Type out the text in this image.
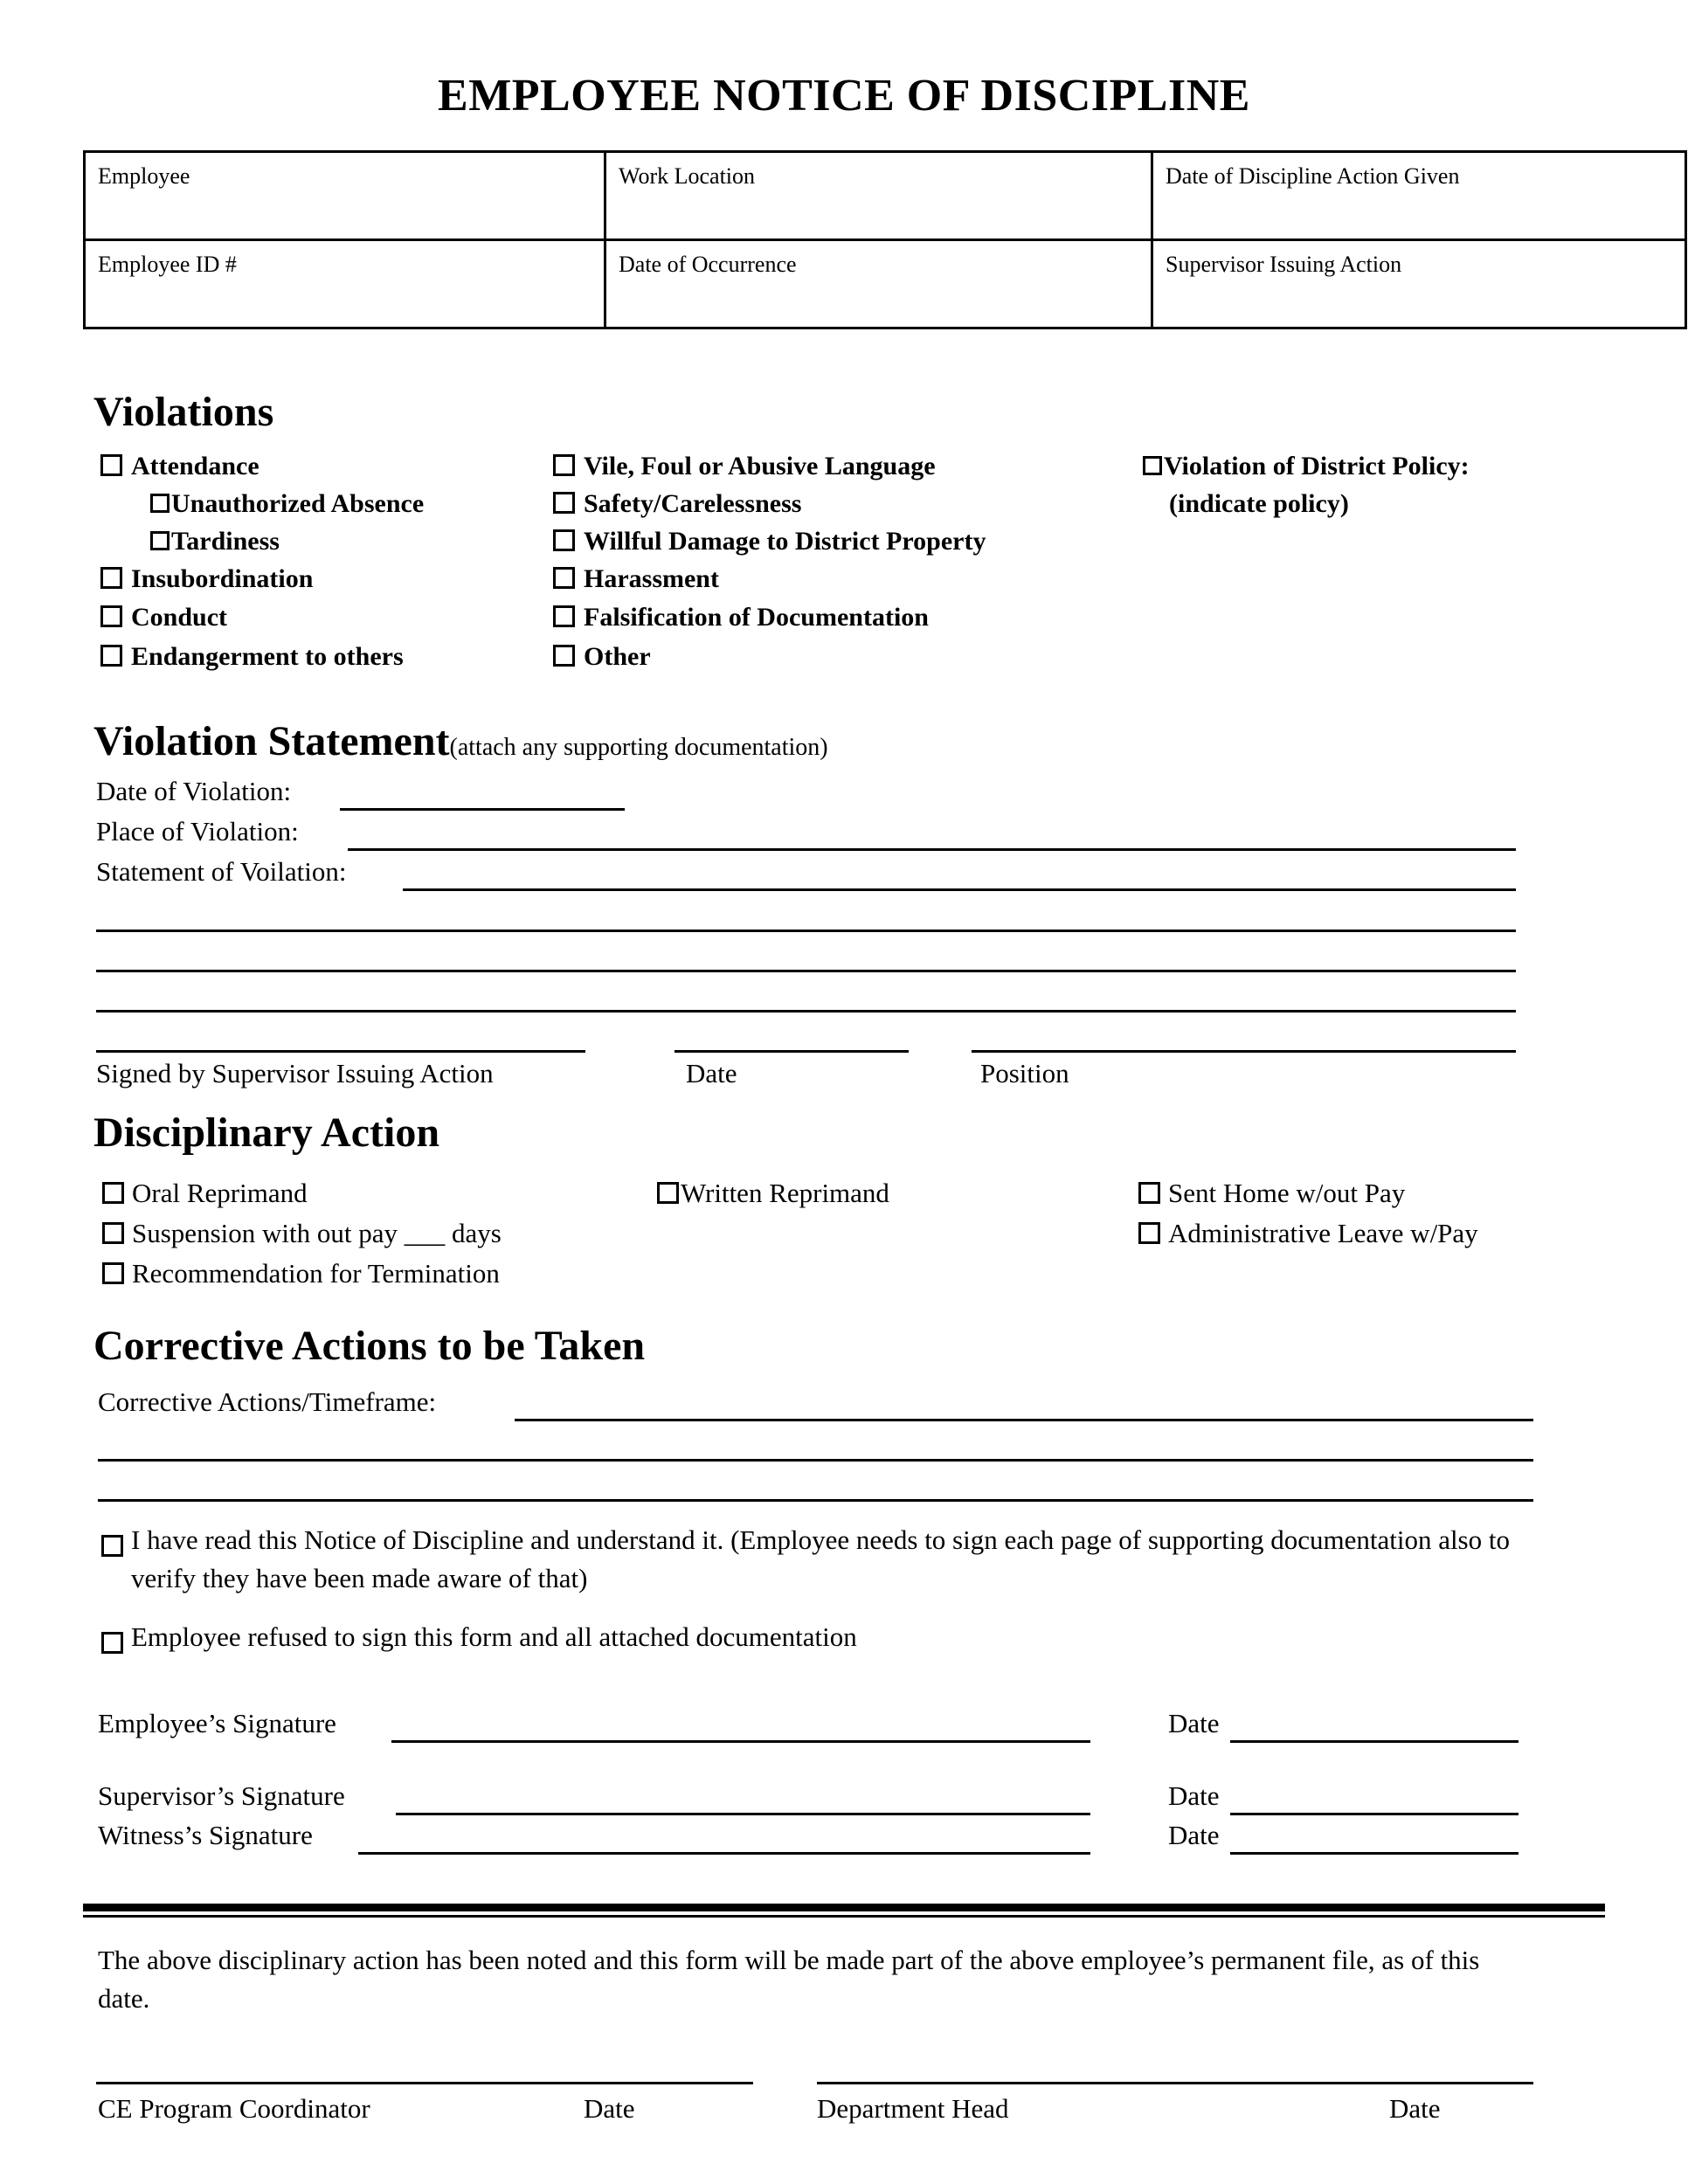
EMPLOYEE NOTICE OF DISCIPLINE
Employee	Work Location	Date of Discipline Action Given
Employee ID #	Date of Occurrence	Supervisor Issuing Action
Violations
Attendance
Unauthorized Absence
Tardiness
Insubordination
Conduct
Endangerment to others
Vile, Foul or Abusive Language
Safety/Carelessness
Willful Damage to District Property
Harassment
Falsification of Documentation
Other
Violation of District Policy:
(indicate policy)
Violation Statement(attach any supporting documentation)
Date of Violation:
Place of Violation:
Statement of Voilation:
Signed by Supervisor Issuing Action	Date	Position
Disciplinary Action
Oral Reprimand
Suspension with out pay ___ days
Recommendation for Termination
Written Reprimand	Sent Home w/out Pay
Administrative Leave w/Pay
Corrective Actions to be Taken
Corrective Actions/Timeframe:
I have read this Notice of Discipline and understand it. (Employee needs to sign each page of supporting documentation also to verify they have been made aware of that)
Employee refused to sign this form and all attached documentation
Employee’s Signature	Date
Supervisor’s Signature	Date
Witness’s Signature	Date
The above disciplinary action has been noted and this form will be made part of the above employee’s permanent file, as of this date.
CE Program Coordinator	Date	Department Head	Date
